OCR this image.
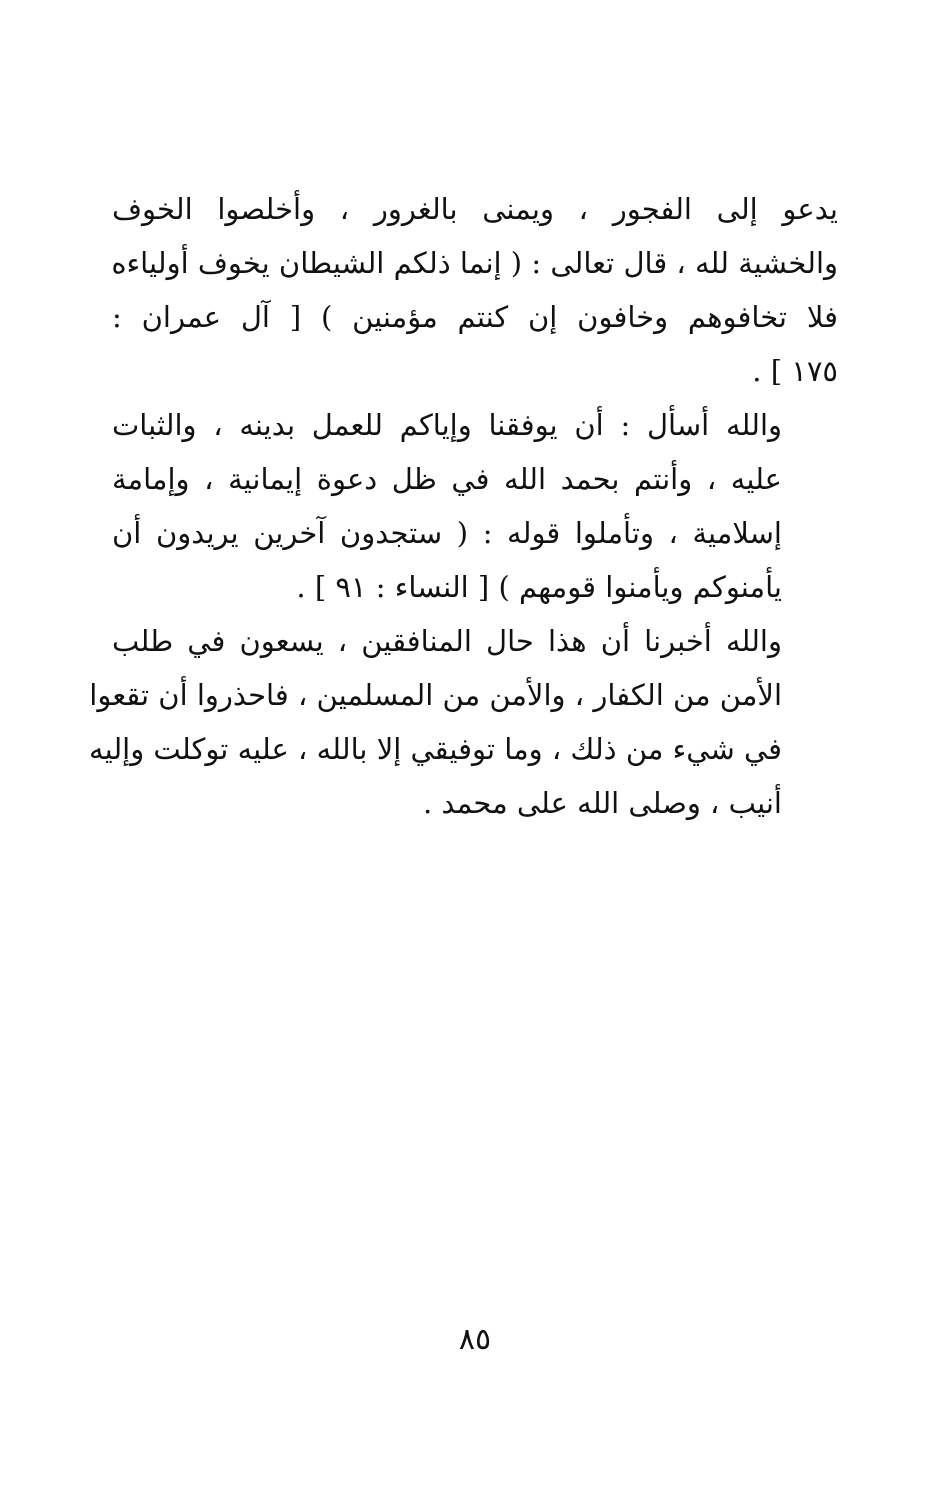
يدعو إلى الفجور ، ويمنى بالغرور ، وأخلصوا الخوف
والخشية لله ، قال تعالى : ( إنما ذلكم الشيطان يخوف أولياءه
فلا تخافوهم وخافون إن كنتم مؤمنين ) [ آل عمران :
١٧٥ ] .
والله أسأل : أن يوفقنا وإياكم للعمل بدينه ، والثبات
عليه ، وأنتم بحمد الله في ظل دعوة إيمانية ، وإمامة
إسلامية ، وتأملوا قوله : ( ستجدون آخرين يريدون أن
يأمنوكم ويأمنوا قومهم ) [ النساء : ٩١ ] .
والله أخبرنا أن هذا حال المنافقين ، يسعون في طلب
الأمن من الكفار ، والأمن من المسلمين ، فاحذروا أن تقعوا
في شيء من ذلك ، وما توفيقي إلا بالله ، عليه توكلت وإليه
أنيب ، وصلى الله على محمد .
٨٥
